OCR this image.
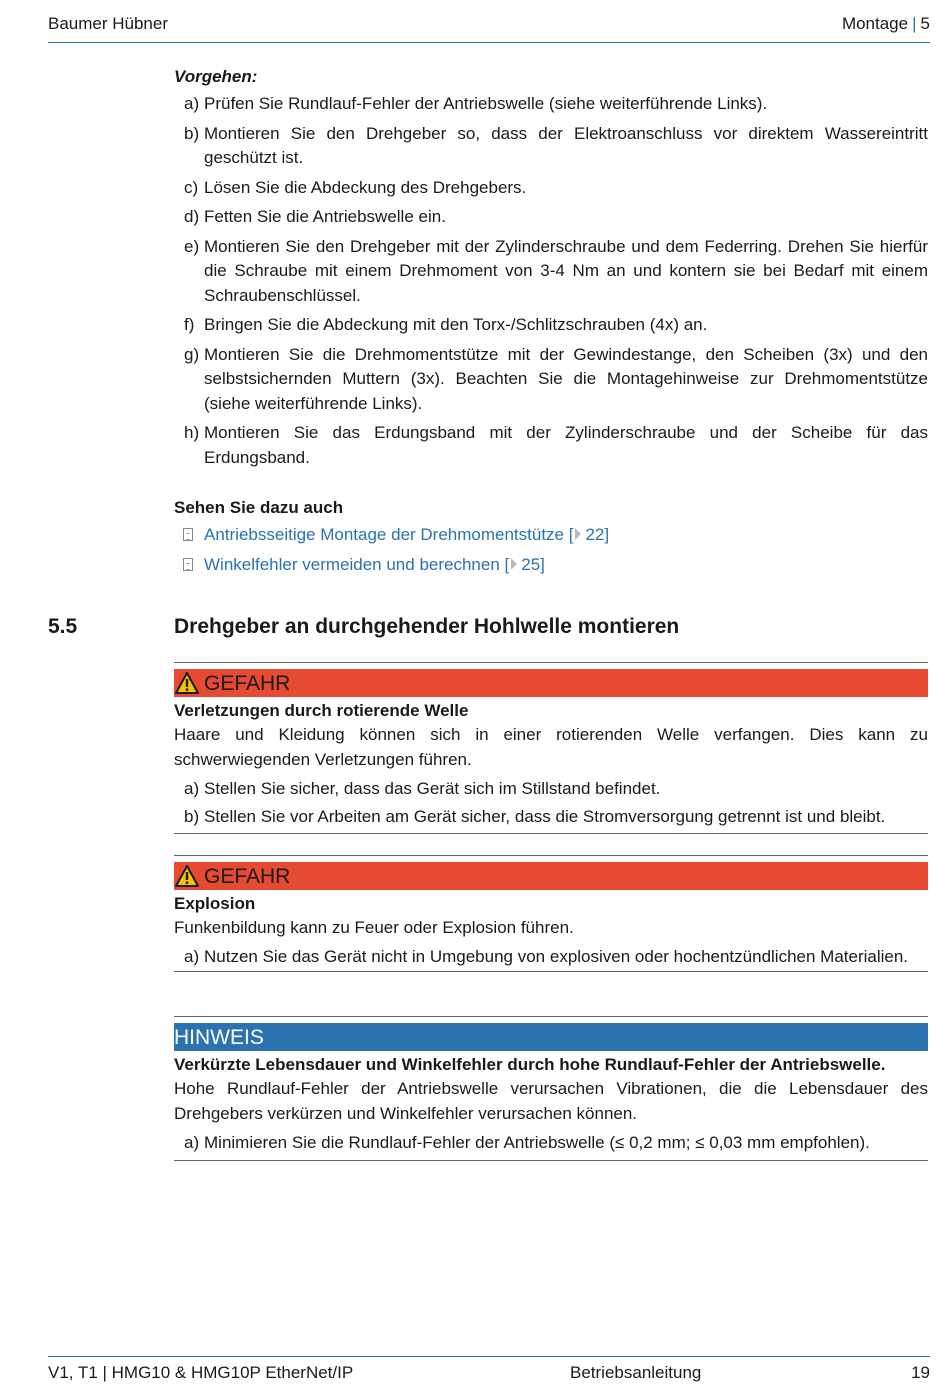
Baumer Hübner	Montage | 5
Vorgehen:
a) Prüfen Sie Rundlauf-Fehler der Antriebswelle (siehe weiterführende Links).
b) Montieren Sie den Drehgeber so, dass der Elektroanschluss vor direktem Wassereintritt geschützt ist.
c) Lösen Sie die Abdeckung des Drehgebers.
d) Fetten Sie die Antriebswelle ein.
e) Montieren Sie den Drehgeber mit der Zylinderschraube und dem Federring. Drehen Sie hierfür die Schraube mit einem Drehmoment von 3-4 Nm an und kontern sie bei Bedarf mit einem Schraubenschlüssel.
f) Bringen Sie die Abdeckung mit den Torx-/Schlitzschrauben (4x) an.
g) Montieren Sie die Drehmomentstütze mit der Gewindestange, den Scheiben (3x) und den selbstsichernden Muttern (3x). Beachten Sie die Montagehinweise zur Drehmomentstütze (siehe weiterführende Links).
h) Montieren Sie das Erdungsband mit der Zylinderschraube und der Scheibe für das Erdungsband.
Sehen Sie dazu auch
Antriebsseitige Montage der Drehmomentstütze [ 22]
Winkelfehler vermeiden und berechnen [ 25]
5.5	Drehgeber an durchgehender Hohlwelle montieren
GEFAHR
Verletzungen durch rotierende Welle
Haare und Kleidung können sich in einer rotierenden Welle verfangen. Dies kann zu schwerwiegenden Verletzungen führen.
a) Stellen Sie sicher, dass das Gerät sich im Stillstand befindet.
b) Stellen Sie vor Arbeiten am Gerät sicher, dass die Stromversorgung getrennt ist und bleibt.
GEFAHR
Explosion
Funkenbildung kann zu Feuer oder Explosion führen.
a) Nutzen Sie das Gerät nicht in Umgebung von explosiven oder hochentzündlichen Materialien.
HINWEIS
Verkürzte Lebensdauer und Winkelfehler durch hohe Rundlauf-Fehler der Antriebswelle.
Hohe Rundlauf-Fehler der Antriebswelle verursachen Vibrationen, die die Lebensdauer des Drehgebers verkürzen und Winkelfehler verursachen können.
a) Minimieren Sie die Rundlauf-Fehler der Antriebswelle (≤ 0,2 mm; ≤ 0,03 mm empfohlen).
V1, T1 | HMG10 & HMG10P EtherNet/IP	Betriebsanleitung	19
